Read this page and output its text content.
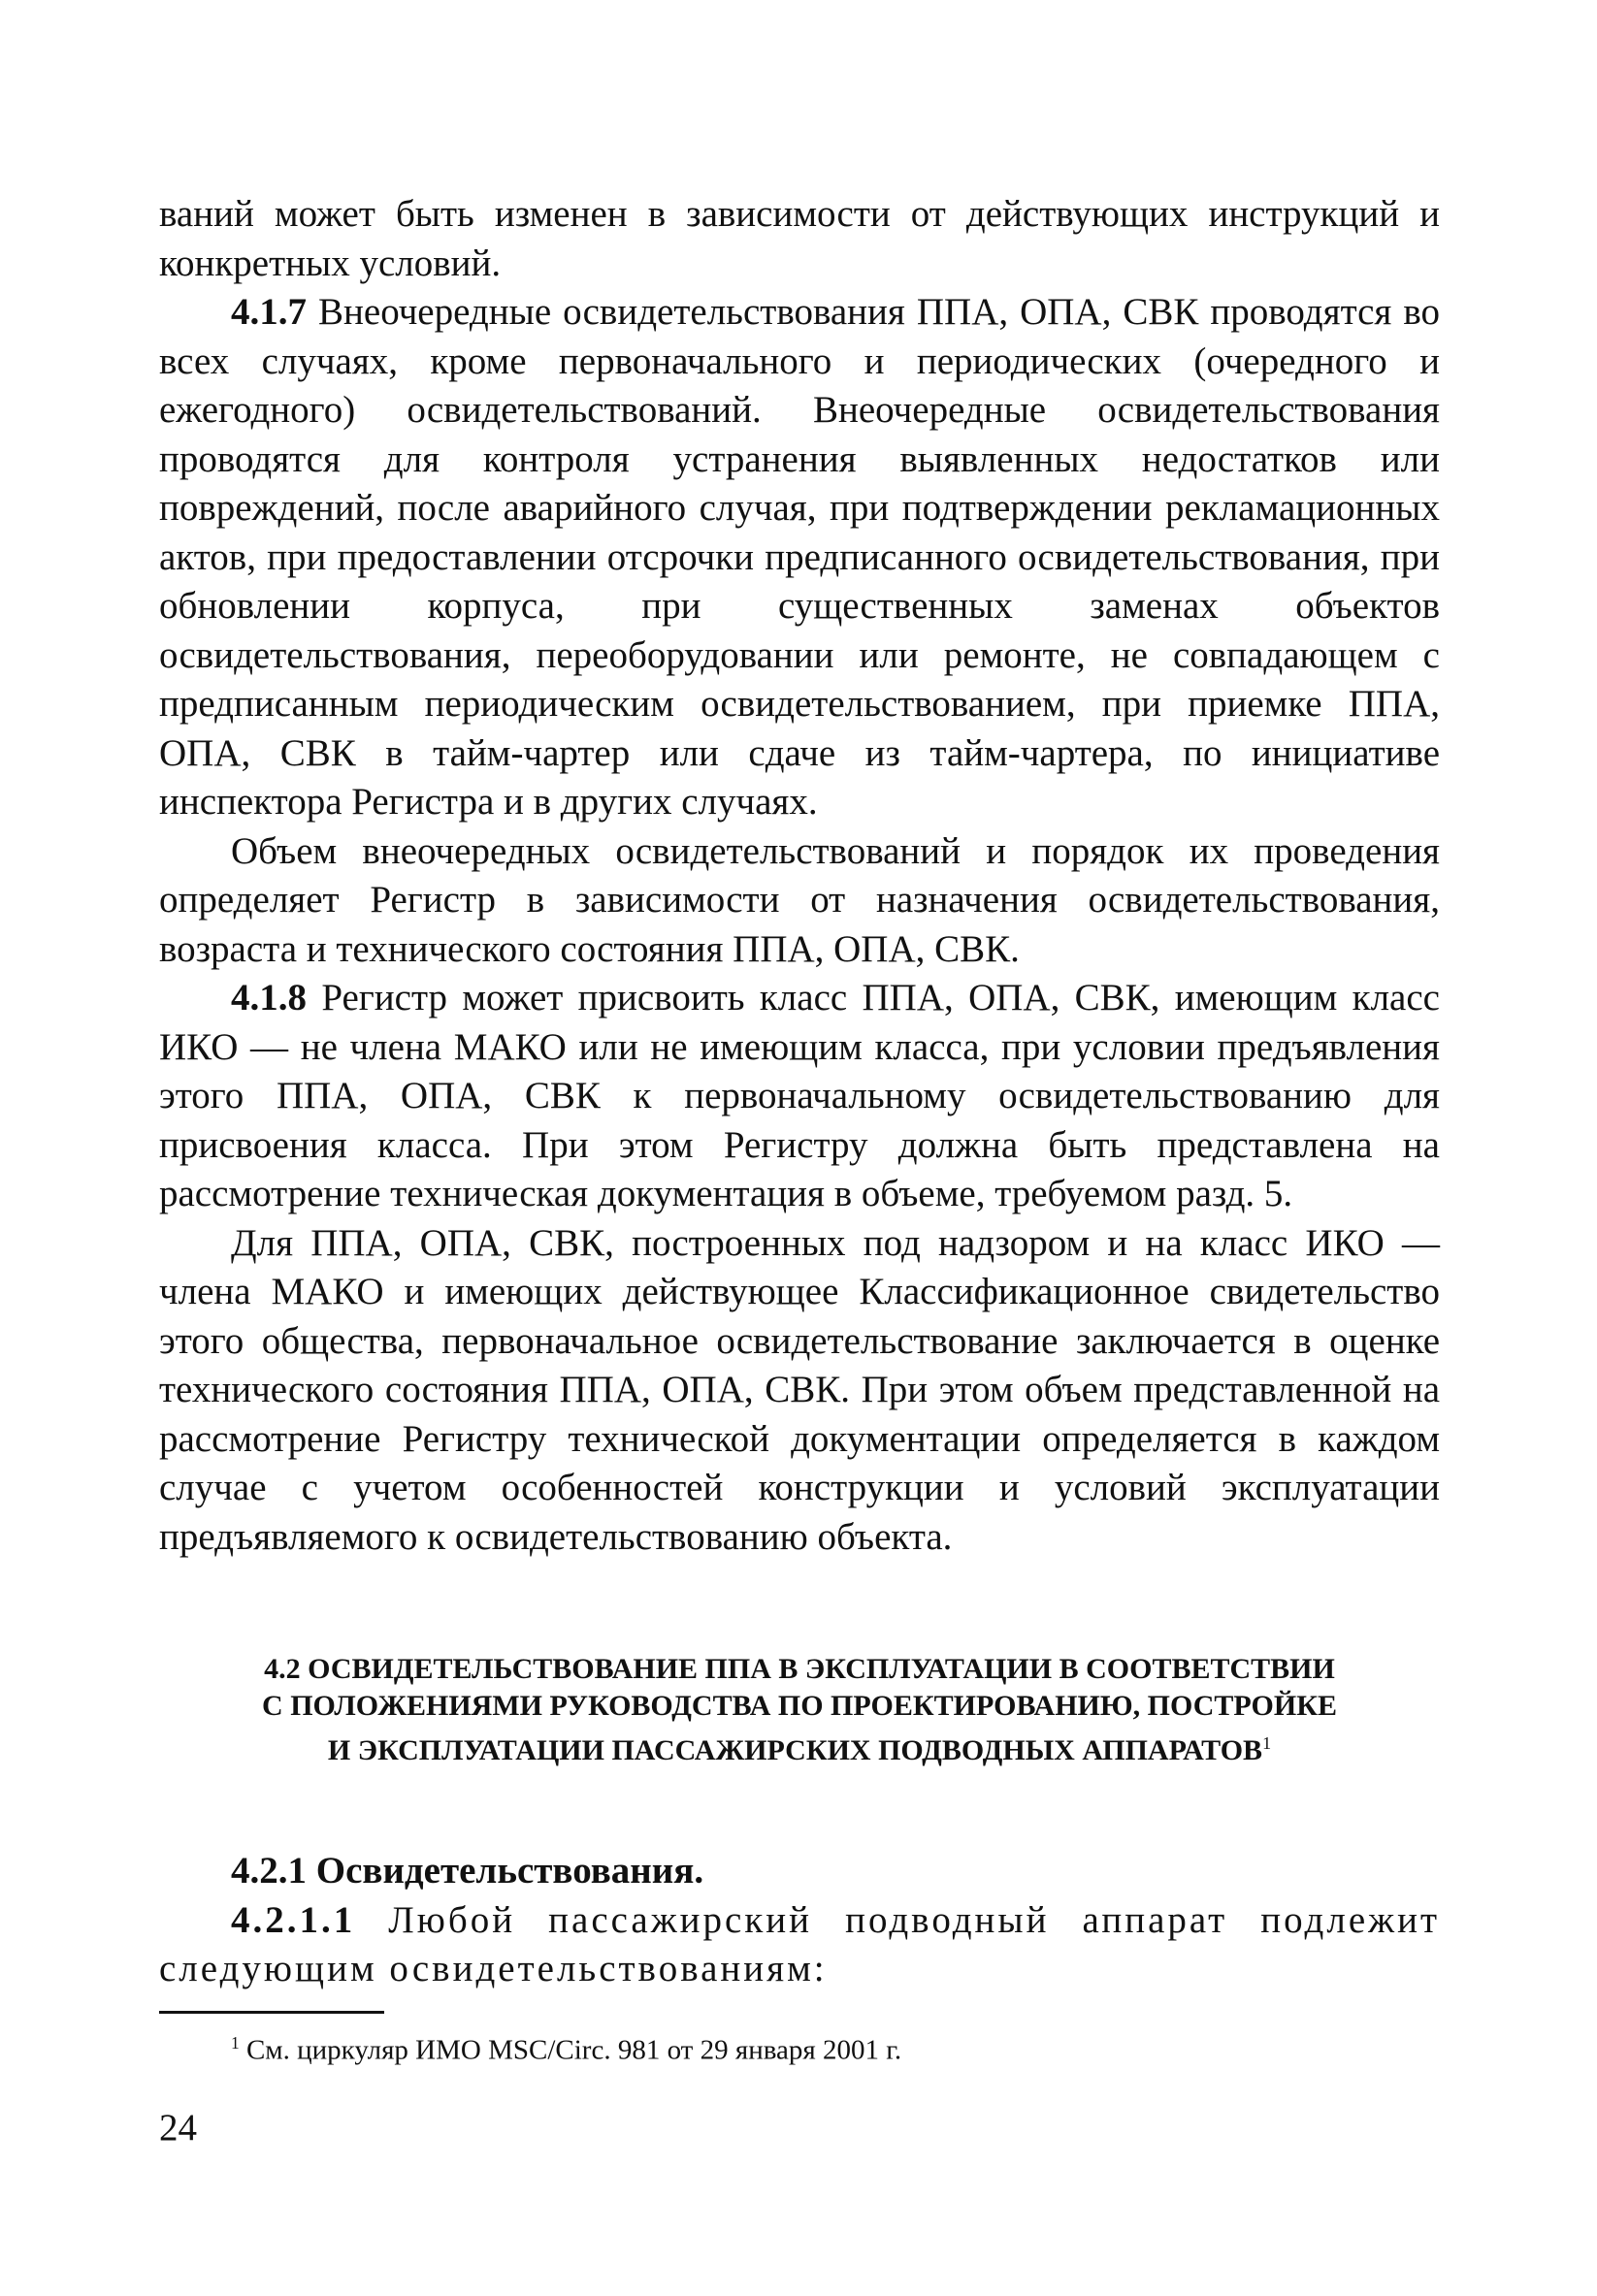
ваний может быть изменен в зависимости от действующих инструкций и конкретных условий.

4.1.7 Внеочередные освидетельствования ППА, ОПА, СВК проводятся во всех случаях, кроме первоначального и периодических (очередного и ежегодного) освидетельствований. Внеочередные освидетельствования проводятся для контроля устранения выявленных недостатков или повреждений, после аварийного случая, при подтверждении рекламационных актов, при предоставлении отсрочки предписанного освидетельствования, при обновлении корпуса, при существенных заменах объектов освидетельствования, переоборудовании или ремонте, не совпадающем с предписанным периодическим освидетельствованием, при приемке ППА, ОПА, СВК в тайм-чартер или сдаче из тайм-чартера, по инициативе инспектора Регистра и в других случаях.

Объем внеочередных освидетельствований и порядок их проведения определяет Регистр в зависимости от назначения освидетельствования, возраста и технического состояния ППА, ОПА, СВК.

4.1.8 Регистр может присвоить класс ППА, ОПА, СВК, имеющим класс ИКО — не члена МАКО или не имеющим класса, при условии предъявления этого ППА, ОПА, СВК к первоначальному освидетельствованию для присвоения класса. При этом Регистру должна быть представлена на рассмотрение техническая документация в объеме, требуемом разд. 5.

Для ППА, ОПА, СВК, построенных под надзором и на класс ИКО — члена МАКО и имеющих действующее Классификационное свидетельство этого общества, первоначальное освидетельствование заключается в оценке технического состояния ППА, ОПА, СВК. При этом объем представленной на рассмотрение Регистру технической документации определяется в каждом случае с учетом особенностей конструкции и условий эксплуатации предъявляемого к освидетельствованию объекта.

4.2 ОСВИДЕТЕЛЬСТВОВАНИЕ ППА В ЭКСПЛУАТАЦИИ В СООТВЕТСТВИИ
С ПОЛОЖЕНИЯМИ РУКОВОДСТВА ПО ПРОЕКТИРОВАНИЮ, ПОСТРОЙКЕ
И ЭКСПЛУАТАЦИИ ПАССАЖИРСКИХ ПОДВОДНЫХ АППАРАТОВ$^1$
4.2.1 Освидетельствования.

4.2.1.1 Любой пассажирский подводный аппарат подлежит следующим освидетельствованиям:

$^1$ См. циркуляр ИМО MSC/Circ. 981 от 29 января 2001 г.
24
